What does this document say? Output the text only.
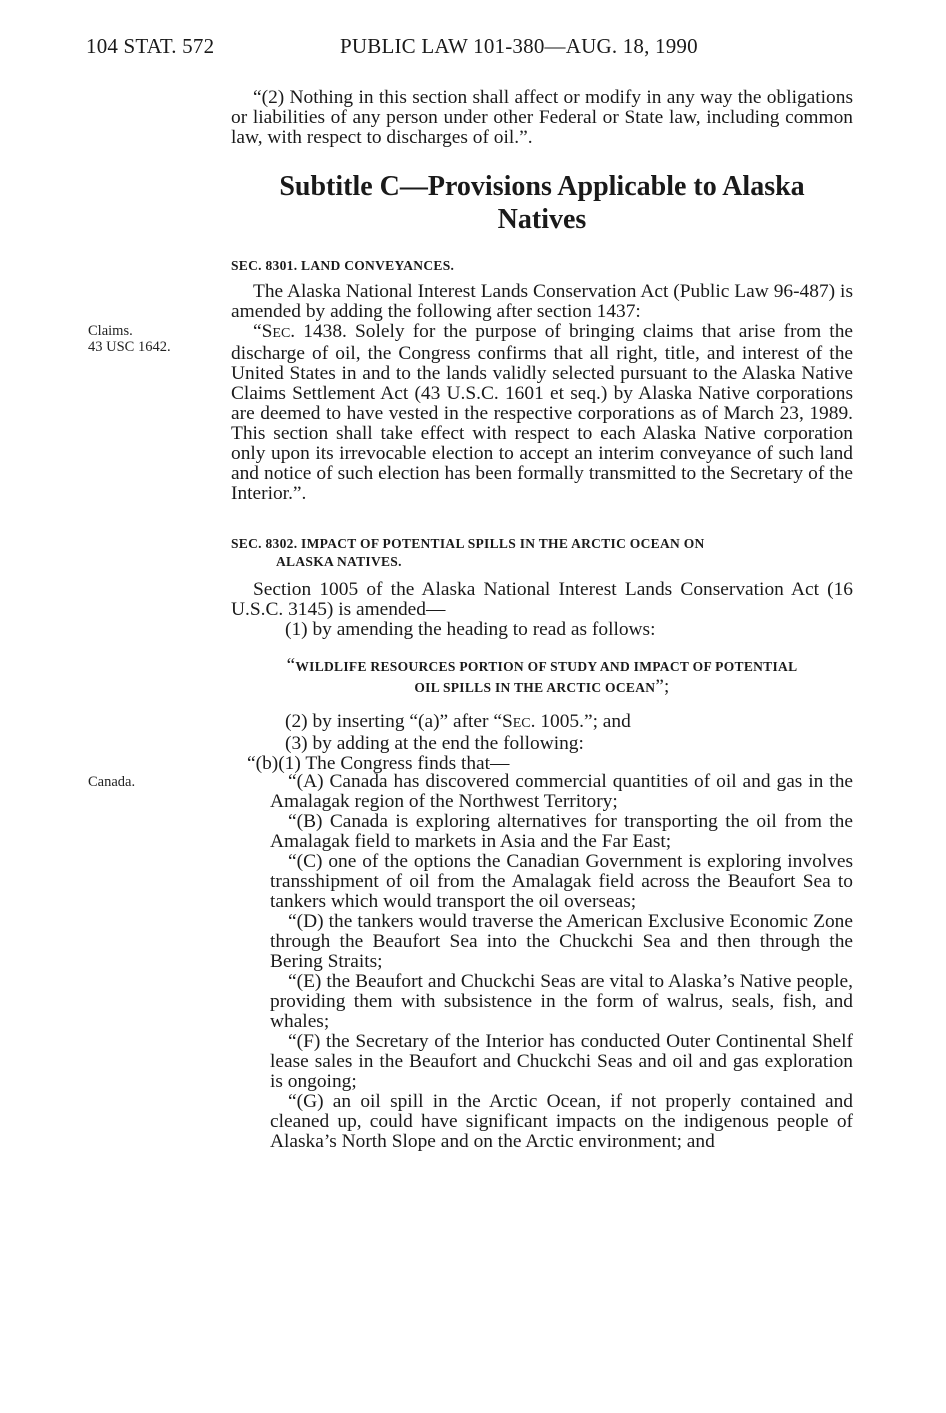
104 STAT. 572	PUBLIC LAW 101-380—AUG. 18, 1990

“(2) Nothing in this section shall affect or modify in any way the obligations or liabilities of any person under other Federal or State law, including common law, with respect to discharges of oil.”.

Subtitle C—Provisions Applicable to Alaska
Natives
SEC. 8301. LAND CONVEYANCES.
Claims.
43 USC 1642.

The Alaska National Interest Lands Conservation Act (Public Law 96-487) is amended by adding the following after section 1437:

“SEC. 1438. Solely for the purpose of bringing claims that arise from the discharge of oil, the Congress confirms that all right, title, and interest of the United States in and to the lands validly selected pursuant to the Alaska Native Claims Settlement Act (43 U.S.C. 1601 et seq.) by Alaska Native corporations are deemed to have vested in the respective corporations as of March 23, 1989. This section shall take effect with respect to each Alaska Native corporation only upon its irrevocable election to accept an interim conveyance of such land and notice of such election has been formally transmitted to the Secretary of the Interior.”.

SEC. 8302. IMPACT OF POTENTIAL SPILLS IN THE ARCTIC OCEAN ON
ALASKA NATIVES.

Section 1005 of the Alaska National Interest Lands Conservation Act (16 U.S.C. 3145) is amended—

(1) by amending the heading to read as follows:

“WILDLIFE RESOURCES PORTION OF STUDY AND IMPACT OF POTENTIAL
OIL SPILLS IN THE ARCTIC OCEAN”;

(2) by inserting “(a)” after “SEC. 1005.”; and

(3) by adding at the end the following:

“(b)(1) The Congress finds that—

Canada.	“(A) Canada has discovered commercial quantities of oil and gas in the Amalagak region of the Northwest Territory;

“(B) Canada is exploring alternatives for transporting the oil from the Amalagak field to markets in Asia and the Far East;

“(C) one of the options the Canadian Government is exploring involves transshipment of oil from the Amalagak field across the Beaufort Sea to tankers which would transport the oil overseas;

“(D) the tankers would traverse the American Exclusive Economic Zone through the Beaufort Sea into the Chuckchi Sea and then through the Bering Straits;

“(E) the Beaufort and Chuckchi Seas are vital to Alaska’s Native people, providing them with subsistence in the form of walrus, seals, fish, and whales;

“(F) the Secretary of the Interior has conducted Outer Continental Shelf lease sales in the Beaufort and Chuckchi Seas and oil and gas exploration is ongoing;

“(G) an oil spill in the Arctic Ocean, if not properly contained and cleaned up, could have significant impacts on the indigenous people of Alaska’s North Slope and on the Arctic environment; and
